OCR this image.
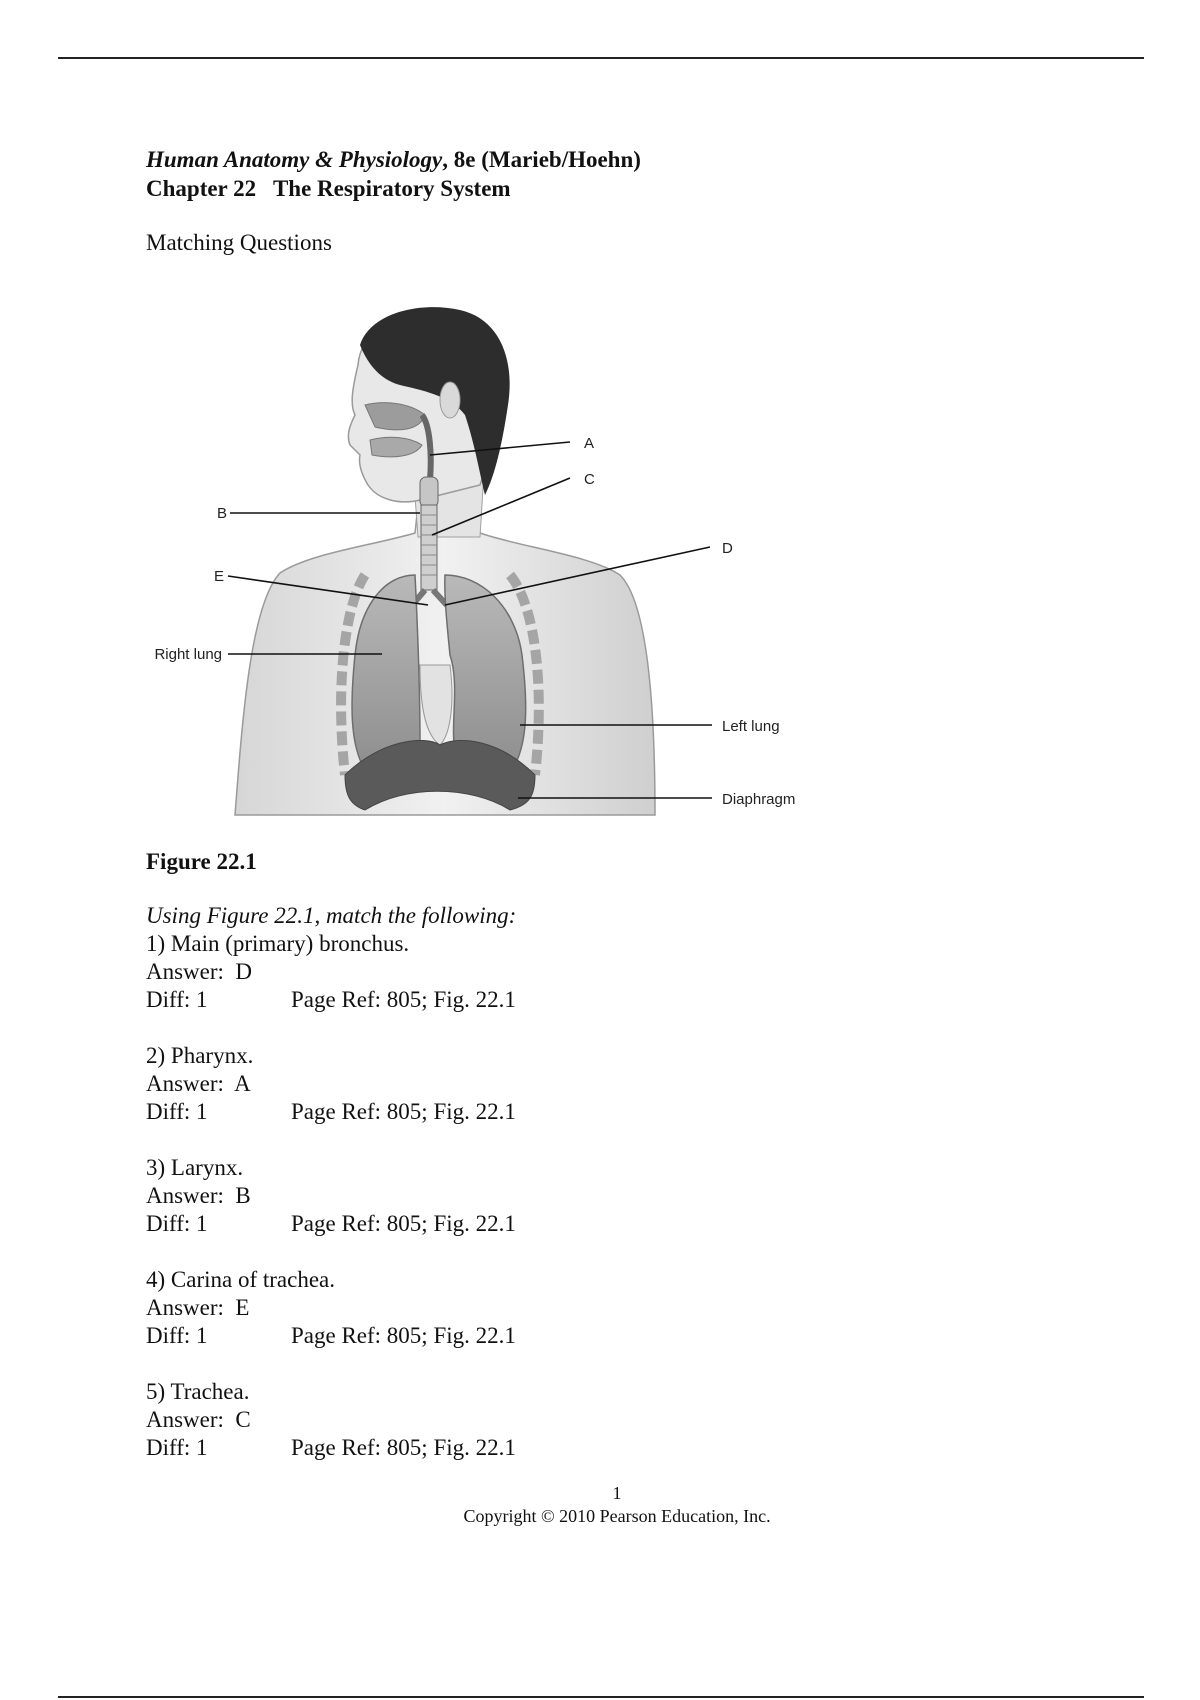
Human Anatomy & Physiology, 8e (Marieb/Hoehn)
Chapter 22   The Respiratory System
Matching Questions
A
C
B
D
E
Right lung
Left lung
Diaphragm
Figure 22.1
Using Figure 22.1, match the following:
1) Main (primary) bronchus.
Answer:  D
Diff: 1	Page Ref: 805; Fig. 22.1
2) Pharynx.
Answer:  A
Diff: 1	Page Ref: 805; Fig. 22.1
3) Larynx.
Answer:  B
Diff: 1	Page Ref: 805; Fig. 22.1
4) Carina of trachea.
Answer:  E
Diff: 1	Page Ref: 805; Fig. 22.1
5) Trachea.
Answer:  C
Diff: 1	Page Ref: 805; Fig. 22.1
1
Copyright © 2010 Pearson Education, Inc.
